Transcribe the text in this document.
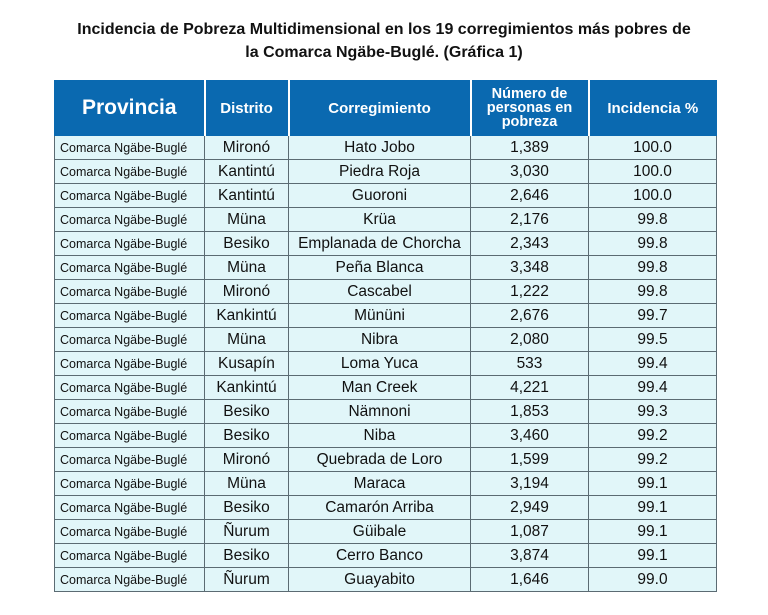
Incidencia de Pobreza Multidimensional en los 19 corregimientos más pobres de
la Comarca Ngäbe-Buglé. (Gráfica 1)
Provincia	Distrito	Corregimiento	Número de
personas en
pobreza	Incidencia %
Comarca Ngäbe-Buglé	Mironó	Hato Jobo	1,389	100.0
Comarca Ngäbe-Buglé	Kantintú	Piedra Roja	3,030	100.0
Comarca Ngäbe-Buglé	Kantintú	Guoroni	2,646	100.0
Comarca Ngäbe-Buglé	Müna	Krüa	2,176	99.8
Comarca Ngäbe-Buglé	Besiko	Emplanada de Chorcha	2,343	99.8
Comarca Ngäbe-Buglé	Müna	Peña Blanca	3,348	99.8
Comarca Ngäbe-Buglé	Mironó	Cascabel	1,222	99.8
Comarca Ngäbe-Buglé	Kankintú	Mününi	2,676	99.7
Comarca Ngäbe-Buglé	Müna	Nibra	2,080	99.5
Comarca Ngäbe-Buglé	Kusapín	Loma Yuca	533	99.4
Comarca Ngäbe-Buglé	Kankintú	Man Creek	4,221	99.4
Comarca Ngäbe-Buglé	Besiko	Nämnoni	1,853	99.3
Comarca Ngäbe-Buglé	Besiko	Niba	3,460	99.2
Comarca Ngäbe-Buglé	Mironó	Quebrada de Loro	1,599	99.2
Comarca Ngäbe-Buglé	Müna	Maraca	3,194	99.1
Comarca Ngäbe-Buglé	Besiko	Camarón Arriba	2,949	99.1
Comarca Ngäbe-Buglé	Ñurum	Güibale	1,087	99.1
Comarca Ngäbe-Buglé	Besiko	Cerro Banco	3,874	99.1
Comarca Ngäbe-Buglé	Ñurum	Guayabito	1,646	99.0
